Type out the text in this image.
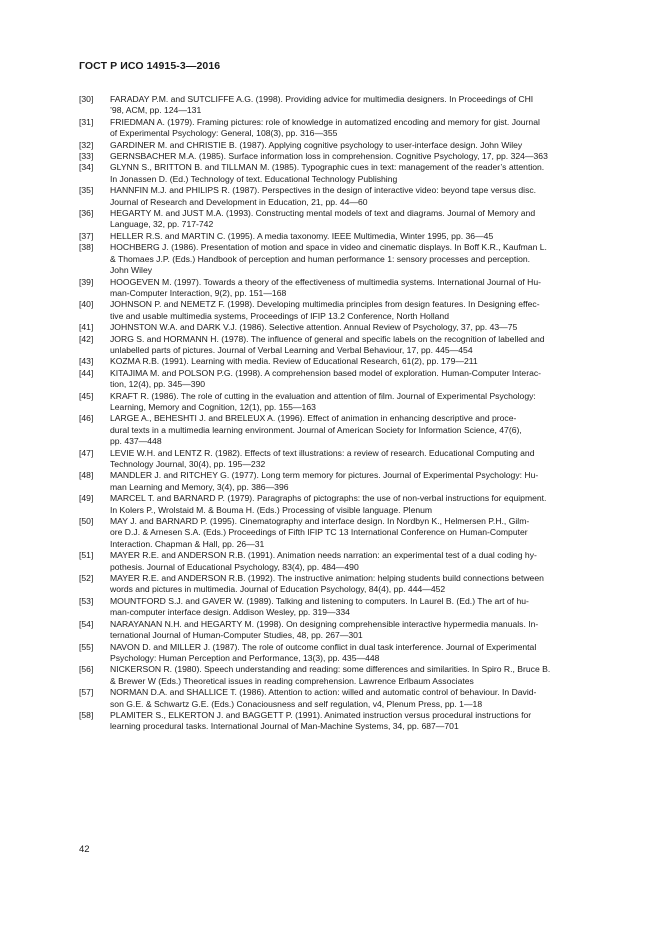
ГОСТ Р ИСО 14915-3—2016
[30]	FARADAY P.M. and SUTCLIFFE A.G. (1998). Providing advice for multimedia designers. In Proceedings of CHI
’98, ACM, pp. 124—131
[31]	FRIEDMAN A. (1979). Framing pictures: role of knowledge in automatized encoding and memory for gist. Journal
of Experimental Psychology: General, 108(3), pp. 316—355
[32]	GARDINER M. and CHRISTIE B. (1987). Applying cognitive psychology to user-interface design. John Wiley
[33]	GERNSBACHER M.A. (1985). Surface information loss in comprehension. Cognitive Psychology, 17, pp. 324—363
[34]	GLYNN S., BRITTON B. and TILLMAN M. (1985). Typographic cues in text: management of the reader’s attention.
In Jonassen D. (Ed.) Technology of text. Educational Technology Publishing
[35]	HANNFIN M.J. and PHILIPS R. (1987). Perspectives in the design of interactive video: beyond tape versus disc.
Journal of Research and Development in Education, 21, pp. 44—60
[36]	HEGARTY M. and JUST M.A. (1993). Constructing mental models of text and diagrams. Journal of Memory and
Language, 32, pp. 717-742
[37]	HELLER R.S. and MARTIN C. (1995). A media taxonomy. IEEE Multimedia, Winter 1995, pp. 36—45
[38]	HOCHBERG J. (1986). Presentation of motion and space in video and cinematic displays. In Boff K.R., Kaufman L.
& Thomaes J.P. (Eds.) Handbook of perception and human performance 1: sensory processes and perception.
John Wiley
[39]	HOOGEVEN M. (1997). Towards a theory of the effectiveness of multimedia systems. International Journal of Hu-
man-Computer Interaction, 9(2), pp. 151—168
[40]	JOHNSON P. and NEMETZ F. (1998). Developing multimedia principles from design features. In Designing effec-
tive and usable multimedia systems, Proceedings of IFIP 13.2 Conference, North Holland
[41]	JOHNSTON W.A. and DARK V.J. (1986). Selective attention. Annual Review of Psychology, 37, pp. 43—75
[42]	JORG S. and HORMANN H. (1978). The influence of general and specific labels on the recognition of labelled and
unlabelled parts of pictures. Journal of Verbal Learning and Verbal Behaviour, 17, pp. 445—454
[43]	KOZMA R.B. (1991). Learning with media. Review of Educational Research, 61(2), pp. 179—211
[44]	KITAJIMA M. and POLSON P.G. (1998). A comprehension based model of exploration. Human-Computer Interac-
tion, 12(4), pp. 345—390
[45]	KRAFT R. (1986). The role of cutting in the evaluation and attention of film. Journal of Experimental Psychology:
Learning, Memory and Cognition, 12(1), pp. 155—163
[46]	LARGE A., BEHESHTI J. and BRELEUX A. (1996). Effect of animation in enhancing descriptive and proce-
dural texts in a multimedia learning environment. Journal of American Society for Information Science, 47(6),
pp. 437—448
[47]	LEVIE W.H. and LENTZ R. (1982). Effects of text illustrations: a review of research. Educational Computing and
Technology Journal, 30(4), pp. 195—232
[48]	MANDLER J. and RITCHEY G. (1977). Long term memory for pictures. Journal of Experimental Psychology: Hu-
man Learning and Memory, 3(4), pp. 386—396
[49]	MARCEL T. and BARNARD P. (1979). Paragraphs of pictographs: the use of non-verbal instructions for equipment.
In Kolers P., Wrolstaid M. & Bouma H. (Eds.) Processing of visible language. Plenum
[50]	MAY J. and BARNARD P. (1995). Cinematography and interface design. In Nordbyn K., Helmersen P.H., Gilm-
ore D.J. & Arnesen S.A. (Eds.) Proceedings of Fifth IFIP TC 13 International Conference on Human-Computer
Interaction. Chapman & Hall, pp. 26—31
[51]	MAYER R.E. and ANDERSON R.B. (1991). Animation needs narration: an experimental test of a dual coding hy-
pothesis. Journal of Educational Psychology, 83(4), pp. 484—490
[52]	MAYER R.E. and ANDERSON R.B. (1992). The instructive animation: helping students build connections between
words and pictures in multimedia. Journal of Education Psychology, 84(4), pp. 444—452
[53]	MOUNTFORD S.J. and GAVER W. (1989). Talking and listening to computers. In Laurel B. (Ed.) The art of hu-
man-computer interface design. Addison Wesley, pp. 319—334
[54]	NARAYANAN N.H. and HEGARTY M. (1998). On designing comprehensible interactive hypermedia manuals. In-
ternational Journal of Human-Computer Studies, 48, pp. 267—301
[55]	NAVON D. and MILLER J. (1987). The role of outcome conflict in dual task interference. Journal of Experimental
Psychology: Human Perception and Performance, 13(3), pp. 435—448
[56]	NICKERSON R. (1980). Speech understanding and reading: some differences and similarities. In Spiro R., Bruce B.
& Brewer W (Eds.) Theoretical issues in reading comprehension. Lawrence Erlbaum Associates
[57]	NORMAN D.A. and SHALLICE T. (1986). Attention to action: willed and automatic control of behaviour. In David-
son G.E. & Schwartz G.E. (Eds.) Conaciousness and self regulation, v4, Plenum Press, pp. 1—18
[58]	PLAMITER S., ELKERTON J. and BAGGETT P. (1991). Animated instruction versus procedural instructions for
learning procedural tasks. International Journal of Man-Machine Systems, 34, pp. 687—701
42
